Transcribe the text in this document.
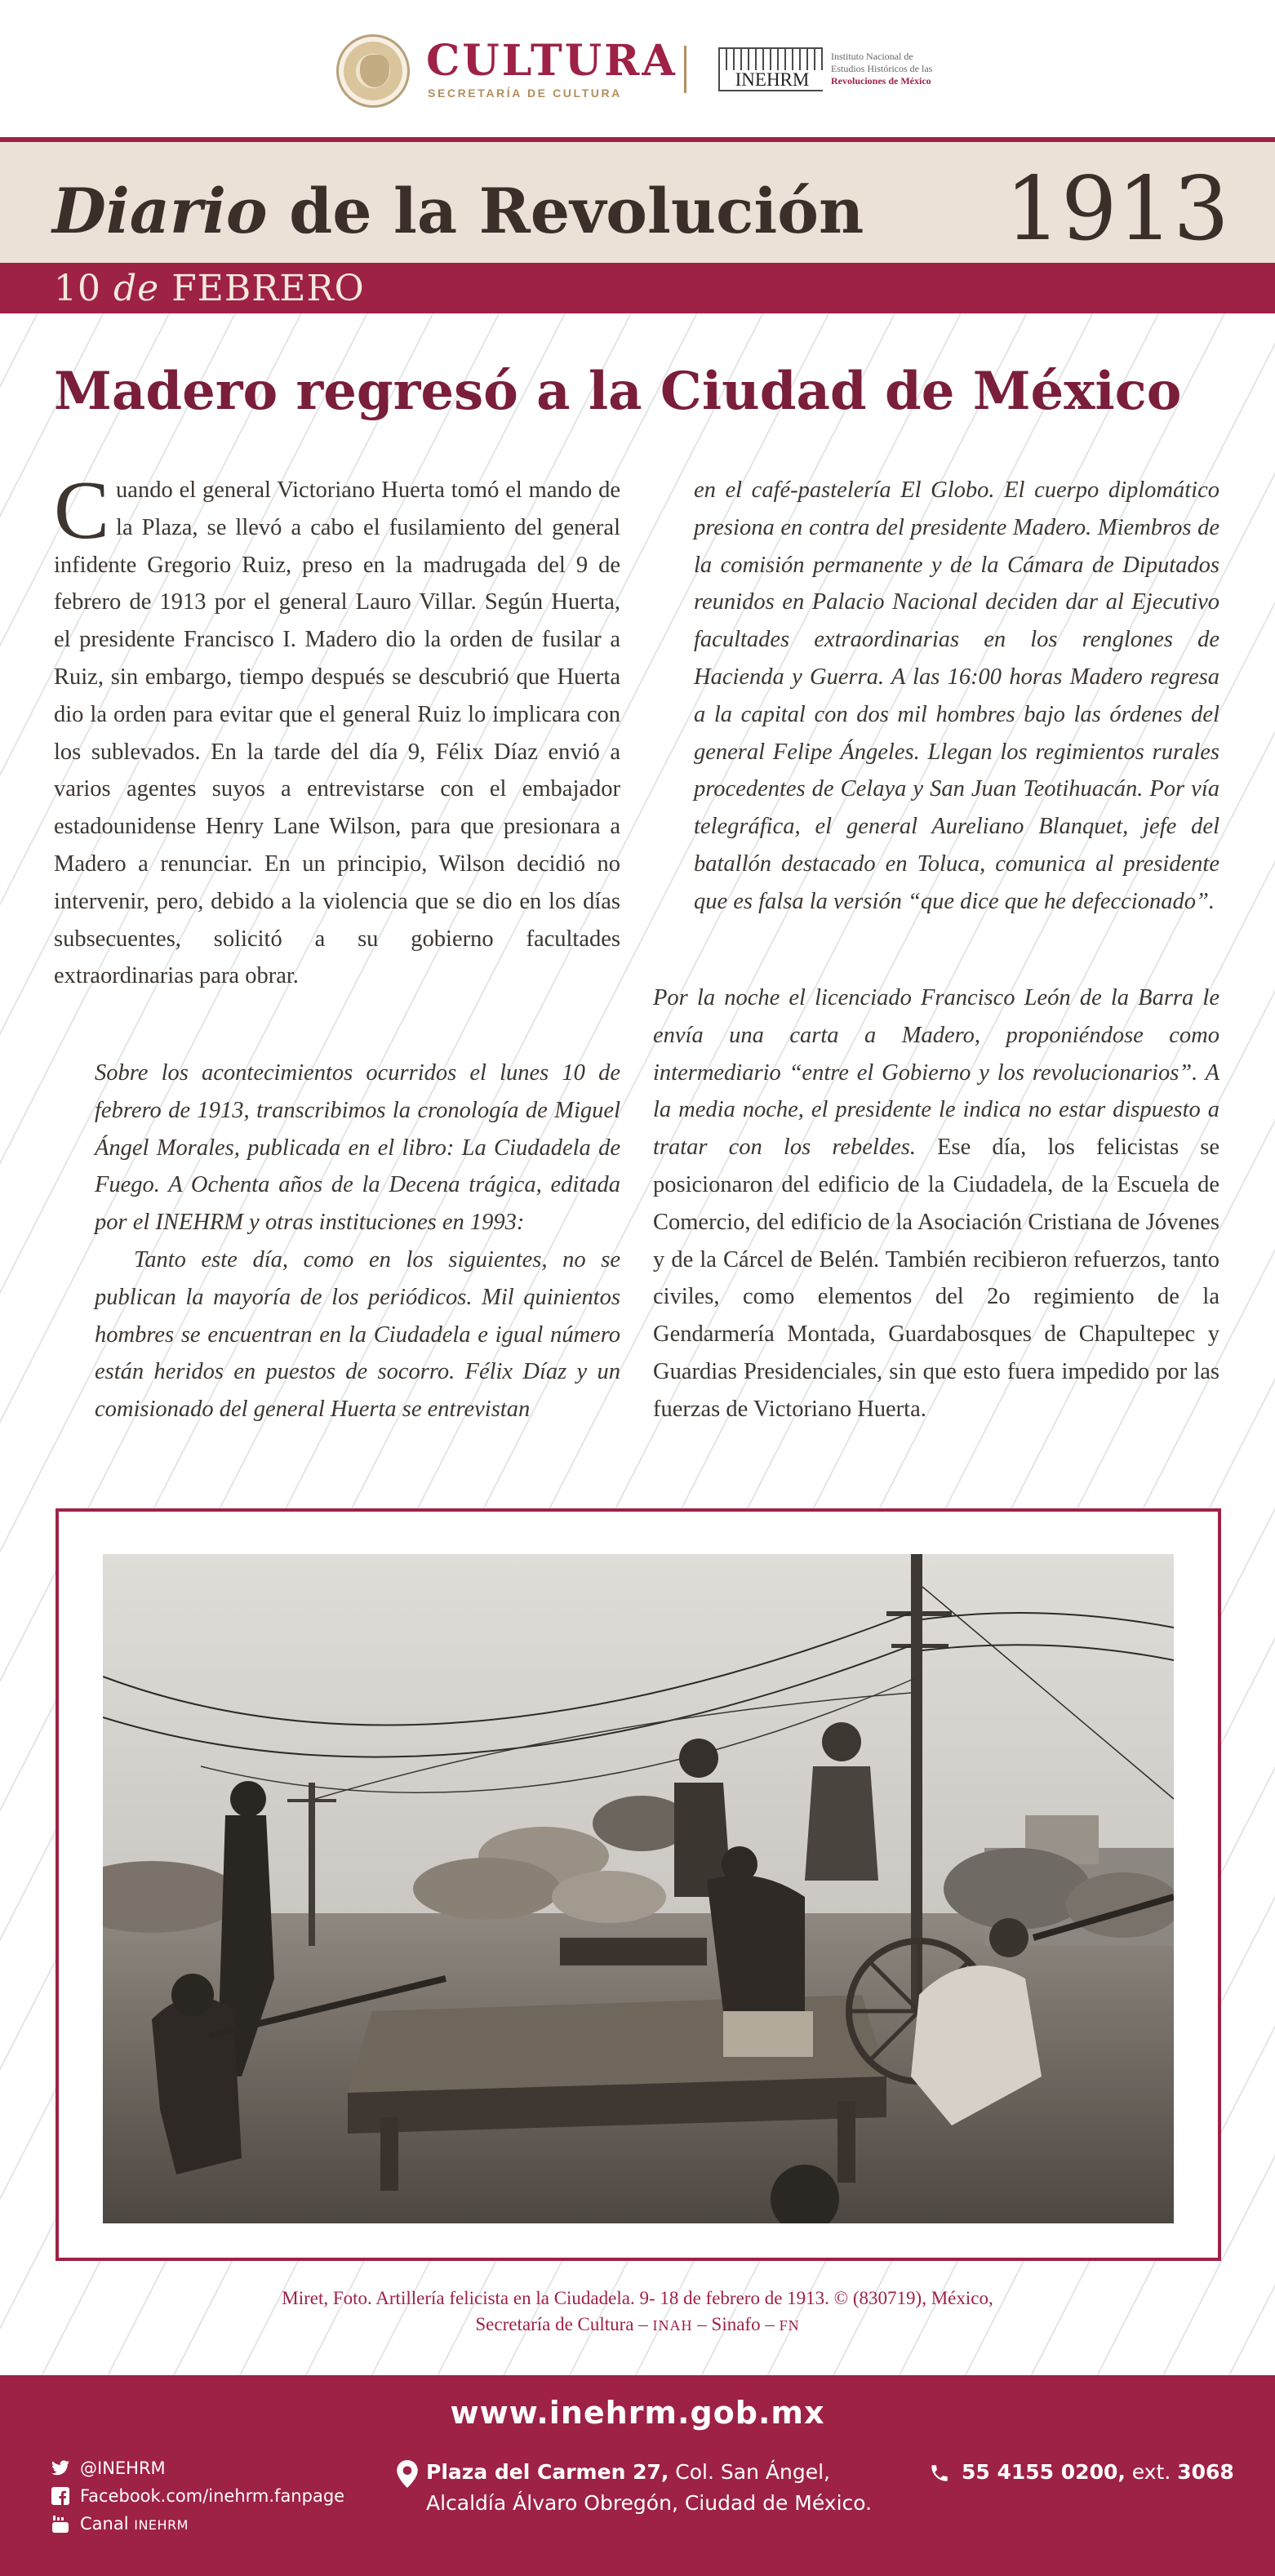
CULTURA
SECRETARÍA DE CULTURA
INEHRM
Instituto Nacional de
Estudios Históricos de las
Revoluciones de México
Diario de la Revolución 1913
10 de FEBRERO
Madero regresó a la Ciudad de México

Cuando el general Victoriano Huerta tomó el mando de la Plaza, se llevó a cabo el fusilamiento del general infidente Gregorio Ruiz, preso en la madrugada del 9 de febrero de 1913 por el general Lauro Villar. Según Huerta, el presidente Francisco I. Madero dio la orden de fusilar a Ruiz, sin embargo, tiempo después se descubrió que Huerta dio la orden para evitar que el general Ruiz lo implicara con los sublevados. En la tarde del día 9, Félix Díaz envió a varios agentes suyos a entrevistarse con el embajador estadounidense Henry Lane Wilson, para que presionara a Madero a renunciar. En un principio, Wilson decidió no intervenir, pero, debido a la violencia que se dio en los días subsecuentes, solicitó a su gobierno facultades extraordinarias para obrar.

Sobre los acontecimientos ocurridos el lunes 10 de febrero de 1913, transcribimos la cronología de Miguel Ángel Morales, publicada en el libro: La Ciudadela de Fuego. A Ochenta años de la Decena trágica, editada por el INEHRM y otras instituciones en 1993:

Tanto este día, como en los siguientes, no se publican la mayoría de los periódicos. Mil quinientos hombres se encuentran en la Ciudadela e igual número están heridos en puestos de socorro. Félix Díaz y un comisionado del general Huerta se entrevistan

en el café-pastelería El Globo. El cuerpo diplomático presiona en contra del presidente Madero. Miembros de la comisión permanente y de la Cámara de Diputados reunidos en Palacio Nacional deciden dar al Ejecutivo facultades extraordinarias en los renglones de Hacienda y Guerra. A las 16:00 horas Madero regresa a la capital con dos mil hombres bajo las órdenes del general Felipe Ángeles. Llegan los regimientos rurales procedentes de Celaya y San Juan Teotihuacán. Por vía telegráfica, el general Aureliano Blanquet, jefe del batallón destacado en Toluca, comunica al presidente que es falsa la versión “que dice que he defeccionado”.

Por la noche el licenciado Francisco León de la Barra le envía una carta a Madero, proponiéndose como intermediario “entre el Gobierno y los revolucionarios”. A la media noche, el presidente le indica no estar dispuesto a tratar con los rebeldes. Ese día, los felicistas se posicionaron del edificio de la Ciudadela, de la Escuela de Comercio, del edificio de la Asociación Cristiana de Jóvenes y de la Cárcel de Belén. También recibieron refuerzos, tanto civiles, como elementos del 2o regimiento de la Gendarmería Montada, Guardabosques de Chapultepec y Guardias Presidenciales, sin que esto fuera impedido por las fuerzas de Victoriano Huerta.

Miret, Foto. Artillería felicista en la Ciudadela. 9- 18 de febrero de 1913. © (830719), México,
Secretaría de Cultura – INAH – Sinafo – FN
www.inehrm.gob.mx
@INEHRM
Facebook.com/inehrm.fanpage
Canal INEHRM
Plaza del Carmen 27, Col. San Ángel,
Alcaldía Álvaro Obregón, Ciudad de México.
55 4155 0200, ext. 3068
